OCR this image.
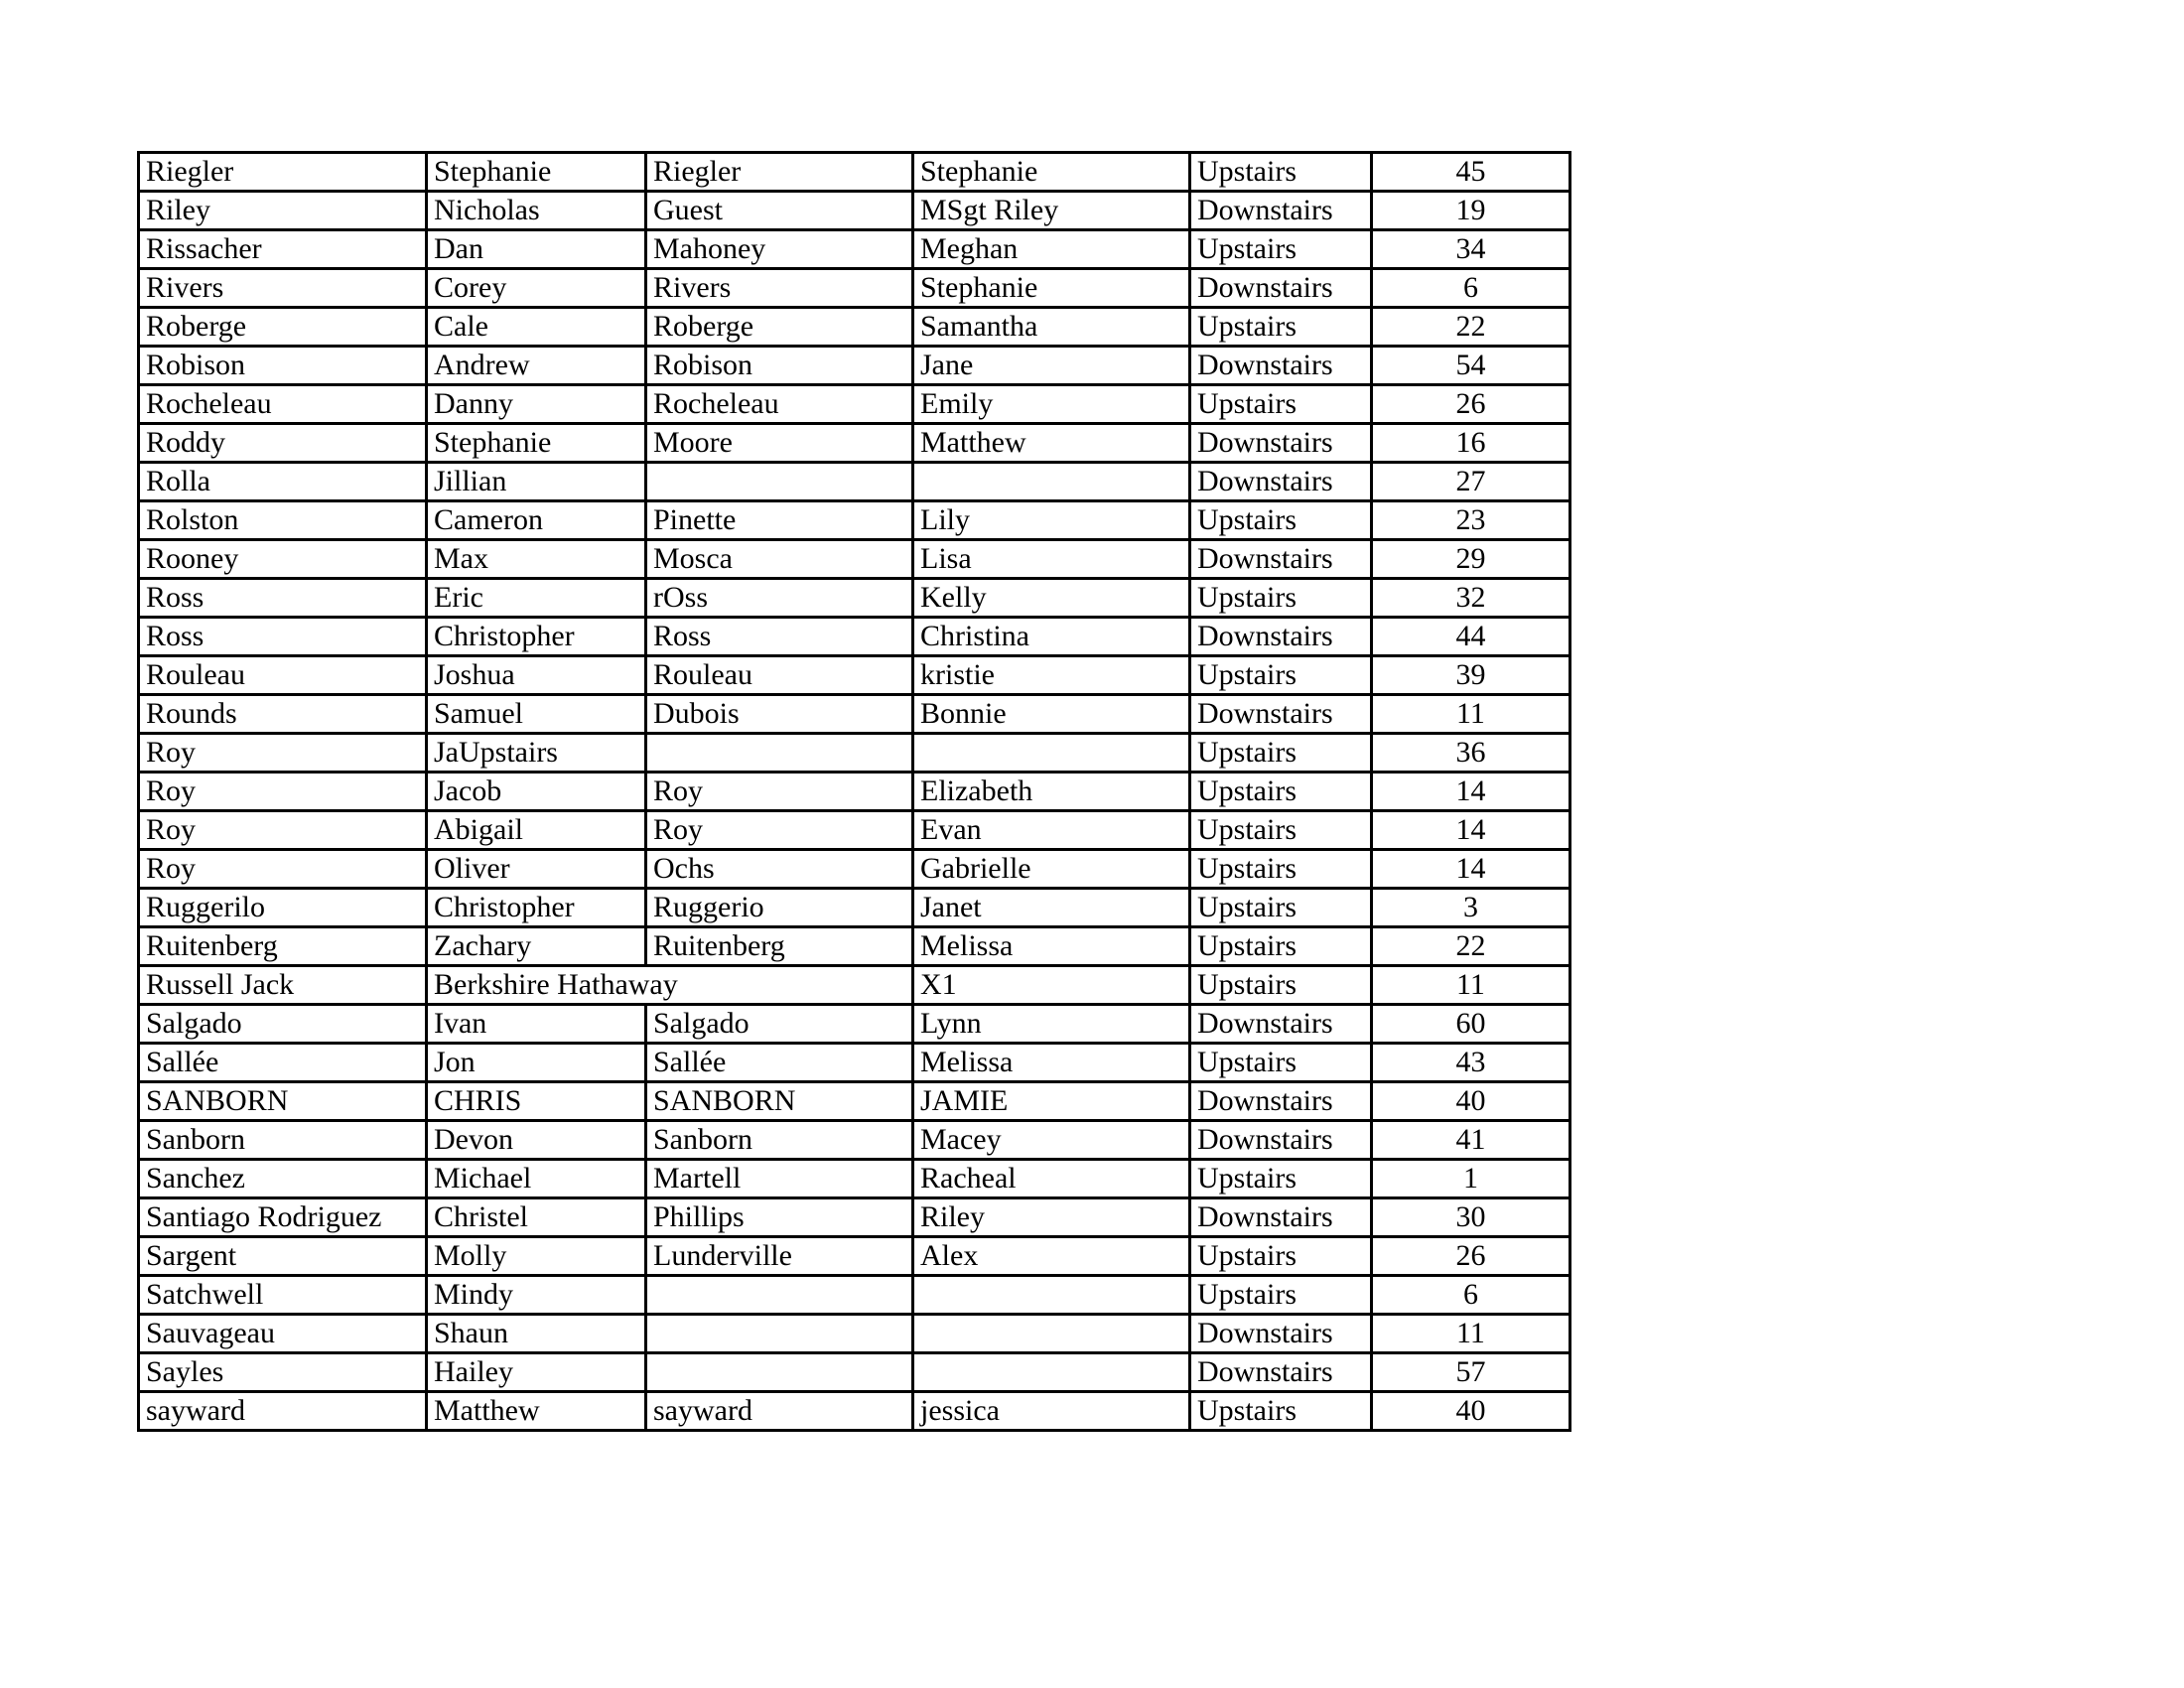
Riegler	Stephanie	Riegler	Stephanie	Upstairs	45
Riley	Nicholas	Guest	MSgt Riley	Downstairs	19
Rissacher	Dan	Mahoney	Meghan	Upstairs	34
Rivers	Corey	Rivers	Stephanie	Downstairs	6
Roberge	Cale	Roberge	Samantha	Upstairs	22
Robison	Andrew	Robison	Jane	Downstairs	54
Rocheleau	Danny	Rocheleau	Emily	Upstairs	26
Roddy	Stephanie	Moore	Matthew	Downstairs	16
Rolla	Jillian			Downstairs	27
Rolston	Cameron	Pinette	Lily	Upstairs	23
Rooney	Max	Mosca	Lisa	Downstairs	29
Ross	Eric	rOss	Kelly	Upstairs	32
Ross	Christopher	Ross	Christina	Downstairs	44
Rouleau	Joshua	Rouleau	kristie	Upstairs	39
Rounds	Samuel	Dubois	Bonnie	Downstairs	11
Roy	JaUpstairs			Upstairs	36
Roy	Jacob	Roy	Elizabeth	Upstairs	14
Roy	Abigail	Roy	Evan	Upstairs	14
Roy	Oliver	Ochs	Gabrielle	Upstairs	14
Ruggerilo	Christopher	Ruggerio	Janet	Upstairs	3
Ruitenberg	Zachary	Ruitenberg	Melissa	Upstairs	22
Russell Jack	Berkshire Hathaway		X1	Upstairs	11
Salgado	Ivan	Salgado	Lynn	Downstairs	60
Sallée	Jon	Sallée	Melissa	Upstairs	43
SANBORN	CHRIS	SANBORN	JAMIE	Downstairs	40
Sanborn	Devon	Sanborn	Macey	Downstairs	41
Sanchez	Michael	Martell	Racheal	Upstairs	1
Santiago Rodriguez	Christel	Phillips	Riley	Downstairs	30
Sargent	Molly	Lunderville	Alex	Upstairs	26
Satchwell	Mindy			Upstairs	6
Sauvageau	Shaun			Downstairs	11
Sayles	Hailey			Downstairs	57
sayward	Matthew	sayward	jessica	Upstairs	40
